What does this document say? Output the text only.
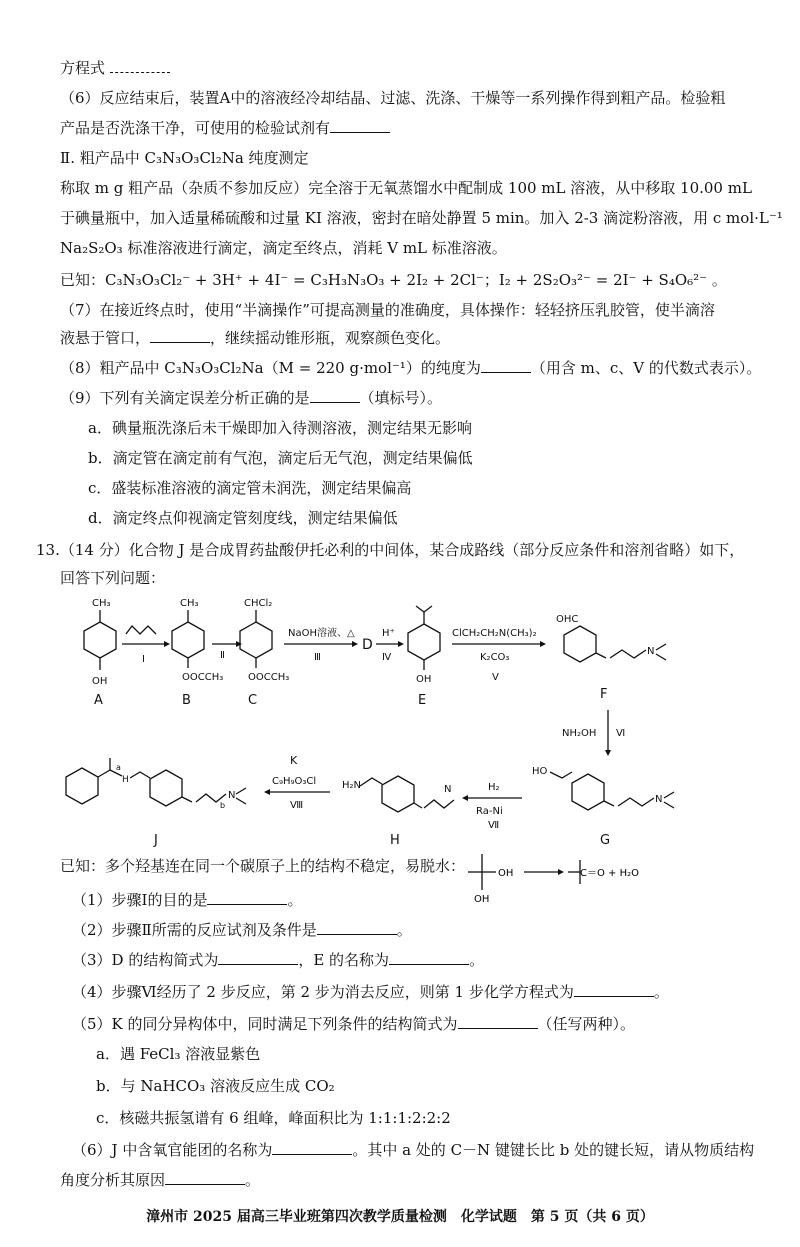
方程式
（6）反应结束后，装置A中的溶液经冷却结晶、过滤、洗涤、干燥等一系列操作得到粗产品。检验粗
产品是否洗涤干净，可使用的检验试剂有
Ⅱ. 粗产品中 C₃N₃O₃Cl₂Na 纯度测定
称取 m g 粗产品（杂质不参加反应）完全溶于无氧蒸馏水中配制成 100 mL 溶液，从中移取 10.00 mL
于碘量瓶中，加入适量稀硫酸和过量 KI 溶液，密封在暗处静置 5 min。加入 2-3 滴淀粉溶液，用 c mol·L⁻¹
Na₂S₂O₃ 标准溶液进行滴定，滴定至终点，消耗 V mL 标准溶液。
已知：C₃N₃O₃Cl₂⁻ + 3H⁺ + 4I⁻ = C₃H₃N₃O₃ + 2I₂ + 2Cl⁻；I₂ + 2S₂O₃²⁻ = 2I⁻ + S₄O₆²⁻ 。
（7）在接近终点时，使用“半滴操作”可提高测量的准确度，具体操作：轻轻挤压乳胶管，使半滴溶
液悬于管口，	，继续摇动锥形瓶，观察颜色变化。
（8）粗产品中 C₃N₃O₃Cl₂Na（M = 220 g·mol⁻¹）的纯度为	（用含 m、c、V 的代数式表示）。
（9）下列有关滴定误差分析正确的是	（填标号）。
a．碘量瓶洗涤后未干燥即加入待测溶液，测定结果无影响
b．滴定管在滴定前有气泡，滴定后无气泡，测定结果偏低
c．盛装标准溶液的滴定管未润洗，测定结果偏高
d．滴定终点仰视滴定管刻度线，测定结果偏低
13.（14 分）化合物 J 是合成胃药盐酸伊托必利的中间体，某合成路线（部分反应条件和溶剂省略）如下，
回答下列问题：
CH₃
OH
A
Ⅰ
CH₃
OOCCH₃
B
Ⅱ
CHCl₂
OOCCH₃
C
NaOH溶液、△
Ⅲ
D
H⁺
Ⅳ
OH
E
ClCH₂CH₂N(CH₃)₂
K₂CO₃
Ⅴ
OHC
N
F
NH₂OH Ⅵ
HO
N
G
H₂
Ra-Ni
Ⅶ
H₂N	N
H
K
C₉H₉O₃Cl
Ⅷ
H
a
b
N
J
已知：多个羟基连在同一个碳原子上的结构不稳定，易脱水：	OH
OH
C＝O + H₂O
（1）步骤Ⅰ的目的是	。
（2）步骤Ⅱ所需的反应试剂及条件是	。
（3）D 的结构简式为	，E 的名称为	。
（4）步骤Ⅵ经历了 2 步反应，第 2 步为消去反应，则第 1 步化学方程式为	。
（5）K 的同分异构体中，同时满足下列条件的结构简式为	（任写两种）。
a．遇 FeCl₃ 溶液显紫色
b．与 NaHCO₃ 溶液反应生成 CO₂
c．核磁共振氢谱有 6 组峰，峰面积比为 1:1:1:2:2:2
（6）J 中含氧官能团的名称为	。其中 a 处的 C－N 键键长比 b 处的键长短，请从物质结构
角度分析其原因	。
漳州市 2025 届高三毕业班第四次教学质量检测　化学试题　第 5 页（共 6 页）
